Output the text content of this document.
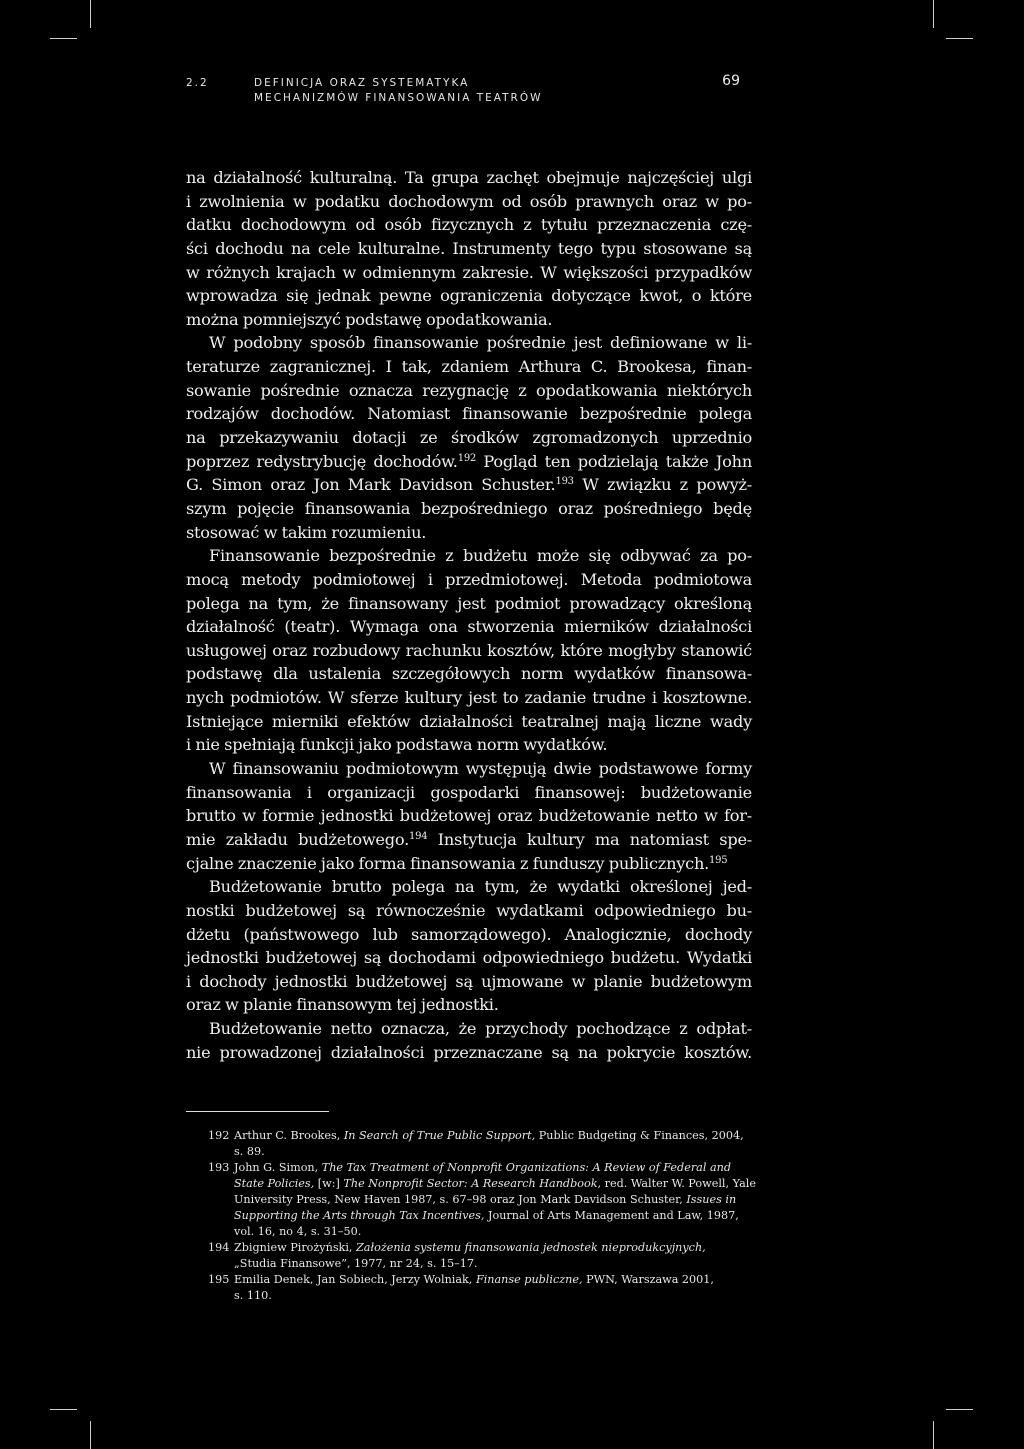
2.2	DEFINICJA ORAZ SYSTEMATYKA
MECHANIZMÓW FINANSOWANIA TEATRÓW
69
na działalność kulturalną. Ta grupa zachęt obejmuje najczęściej ulgi
i zwolnienia w podatku dochodowym od osób prawnych oraz w po-
datku dochodowym od osób fizycznych z tytułu przeznaczenia czę-
ści dochodu na cele kulturalne. Instrumenty tego typu stosowane są
w różnych krajach w odmiennym zakresie. W większości przypadków
wprowadza się jednak pewne ograniczenia dotyczące kwot, o które
można pomniejszyć podstawę opodatkowania.
W podobny sposób finansowanie pośrednie jest definiowane w li-
teraturze zagranicznej. I tak, zdaniem Arthura C. Brookesa, finan-
sowanie pośrednie oznacza rezygnację z opodatkowania niektórych
rodzajów dochodów. Natomiast finansowanie bezpośrednie polega
na przekazywaniu dotacji ze środków zgromadzonych uprzednio
poprzez redystrybucję dochodów.$^{192}$ Pogląd ten podzielają także John
G. Simon oraz Jon Mark Davidson Schuster.$^{193}$ W związku z powyż-
szym pojęcie finansowania bezpośredniego oraz pośredniego będę
stosować w takim rozumieniu.
Finansowanie bezpośrednie z budżetu może się odbywać za po-
mocą metody podmiotowej i przedmiotowej. Metoda podmiotowa
polega na tym, że finansowany jest podmiot prowadzący określoną
działalność (teatr). Wymaga ona stworzenia mierników działalności
usługowej oraz rozbudowy rachunku kosztów, które mogłyby stanowić
podstawę dla ustalenia szczegółowych norm wydatków finansowa-
nych podmiotów. W sferze kultury jest to zadanie trudne i kosztowne.
Istniejące mierniki efektów działalności teatralnej mają liczne wady
i nie spełniają funkcji jako podstawa norm wydatków.
W finansowaniu podmiotowym występują dwie podstawowe formy
finansowania i organizacji gospodarki finansowej: budżetowanie
brutto w formie jednostki budżetowej oraz budżetowanie netto w for-
mie zakładu budżetowego.$^{194}$ Instytucja kultury ma natomiast spe-
cjalne znaczenie jako forma finansowania z funduszy publicznych.$^{195}$
Budżetowanie brutto polega na tym, że wydatki określonej jed-
nostki budżetowej są równocześnie wydatkami odpowiedniego bu-
dżetu (państwowego lub samorządowego). Analogicznie, dochody
jednostki budżetowej są dochodami odpowiedniego budżetu. Wydatki
i dochody jednostki budżetowej są ujmowane w planie budżetowym
oraz w planie finansowym tej jednostki.
Budżetowanie netto oznacza, że przychody pochodzące z odpłat-
nie prowadzonej działalności przeznaczane są na pokrycie kosztów.
192 Arthur C. Brookes, In Search of True Public Support, Public Budgeting & Finances, 2004,
s. 89.
193 John G. Simon, The Tax Treatment of Nonprofit Organizations: A Review of Federal and
State Policies, [w:] The Nonprofit Sector: A Research Handbook, red. Walter W. Powell, Yale
University Press, New Haven 1987, s. 67–98 oraz Jon Mark Davidson Schuster, Issues in
Supporting the Arts through Tax Incentives, Journal of Arts Management and Law, 1987,
vol. 16, no 4, s. 31–50.
194 Zbigniew Pirożyński, Założenia systemu finansowania jednostek nieprodukcyjnych,
„Studia Finansowe”, 1977, nr 24, s. 15–17.
195 Emilia Denek, Jan Sobiech, Jerzy Wolniak, Finanse publiczne, PWN, Warszawa 2001,
s. 110.
